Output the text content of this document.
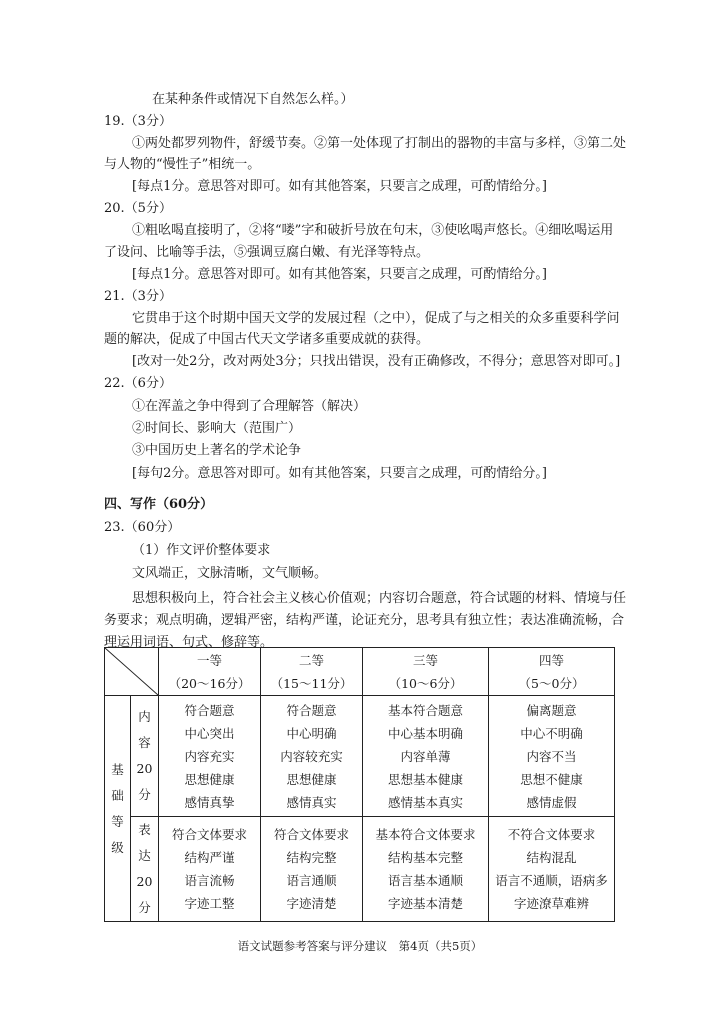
在某种条件或情况下自然怎么样。）
19.（3分）
①两处都罗列物件，舒缓节奏。②第一处体现了打制出的器物的丰富与多样，③第二处
与人物的“慢性子”相统一。
[每点1分。意思答对即可。如有其他答案，只要言之成理，可酌情给分。]
20.（5分）
①粗吆喝直接明了，②将“喽”字和破折号放在句末，③使吆喝声悠长。④细吆喝运用
了设问、比喻等手法，⑤强调豆腐白嫩、有光泽等特点。
[每点1分。意思答对即可。如有其他答案，只要言之成理，可酌情给分。]
21.（3分）
它贯串于这个时期中国天文学的发展过程（之中），促成了与之相关的众多重要科学问
题的解决，促成了中国古代天文学诸多重要成就的获得。
[改对一处2分，改对两处3分；只找出错误，没有正确修改，不得分；意思答对即可。]
22.（6分）
①在浑盖之争中得到了合理解答（解决）
②时间长、影响大（范围广）
③中国历史上著名的学术论争
[每句2分。意思答对即可。如有其他答案，只要言之成理，可酌情给分。]
四、写作（60分）
23.（60分）
（1）作文评价整体要求
文风端正，文脉清晰，文气顺畅。
思想积极向上，符合社会主义核心价值观；内容切合题意，符合试题的材料、情境与任
务要求；观点明确，逻辑严密，结构严谨，论证充分，思考具有独立性；表达准确流畅，合
理运用词语、句式、修辞等。

一等
（20～16分）	二等
（15～11分）	三等
（10～6分）	四等
（5～0分）

基
础
等
级	内
容
20
分	符合题意
中心突出
内容充实
思想健康
感情真挚	符合题意
中心明确
内容较充实
思想健康
感情真实	基本符合题意
中心基本明确
内容单薄
思想基本健康
感情基本真实	偏离题意
中心不明确
内容不当
思想不健康
感情虚假

	表
达
20
分	符合文体要求
结构严谨
语言流畅
字迹工整	符合文体要求
结构完整
语言通顺
字迹清楚	基本符合文体要求
结构基本完整
语言基本通顺
字迹基本清楚	不符合文体要求
结构混乱
语言不通顺，语病多
字迹潦草难辨
语文试题参考答案与评分建议　第4页（共5页）
